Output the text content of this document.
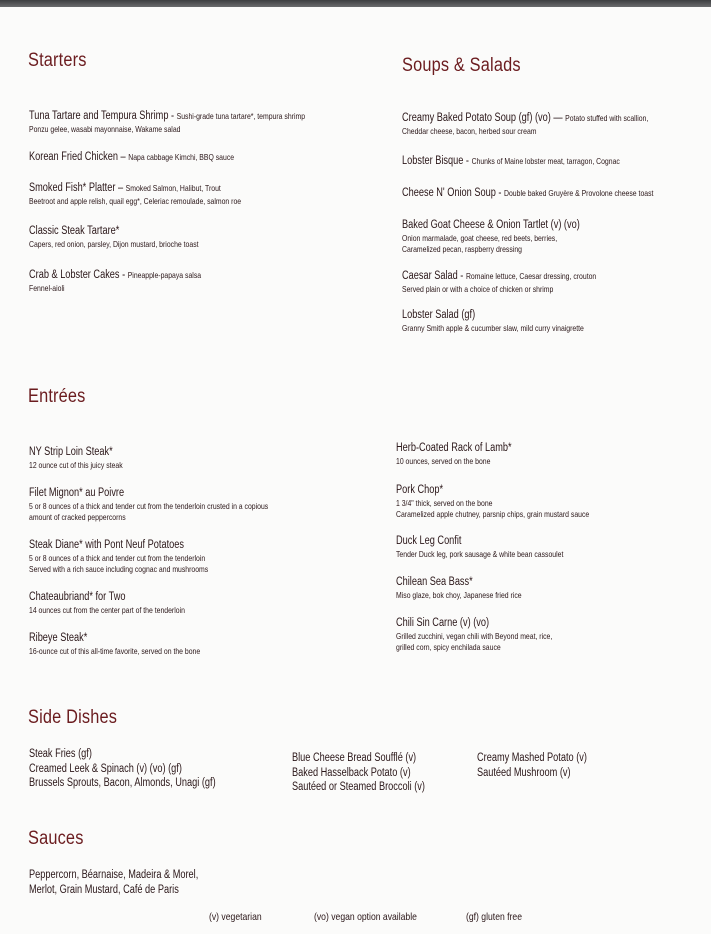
Starters
Tuna Tartare and Tempura Shrimp - Sushi-grade tuna tartare*, tempura shrimp
Ponzu gelee, wasabi mayonnaise, Wakame salad
Korean Fried Chicken – Napa cabbage Kimchi, BBQ sauce
Smoked Fish* Platter – Smoked Salmon, Halibut, Trout
Beetroot and apple relish, quail egg*, Celeriac remoulade, salmon roe
Classic Steak Tartare*
Capers, red onion, parsley, Dijon mustard, brioche toast
Crab & Lobster Cakes - Pineapple-papaya salsa
Fennel-aioli
Soups & Salads
Creamy Baked Potato Soup (gf) (vo) — Potato stuffed with scallion,
Cheddar cheese, bacon, herbed sour cream
Lobster Bisque - Chunks of Maine lobster meat, tarragon, Cognac
Cheese N' Onion Soup - Double baked Gruyère & Provolone cheese toast
Baked Goat Cheese & Onion Tartlet (v) (vo)
Onion marmalade, goat cheese, red beets, berries,
Caramelized pecan, raspberry dressing
Caesar Salad - Romaine lettuce, Caesar dressing, crouton
Served plain or with a choice of chicken or shrimp
Lobster Salad (gf)
Granny Smith apple & cucumber slaw, mild curry vinaigrette
Entrées
NY Strip Loin Steak*
12 ounce cut of this juicy steak
Filet Mignon* au Poivre
5 or 8 ounces of a thick and tender cut from the tenderloin crusted in a copious
amount of cracked peppercorns
Steak Diane* with Pont Neuf Potatoes
5 or 8 ounces of a thick and tender cut from the tenderloin
Served with a rich sauce including cognac and mushrooms
Chateaubriand* for Two
14 ounces cut from the center part of the tenderloin
Ribeye Steak*
16-ounce cut of this all-time favorite, served on the bone
Herb-Coated Rack of Lamb*
10 ounces, served on the bone
Pork Chop*
1 3/4" thick, served on the bone
Caramelized apple chutney, parsnip chips, grain mustard sauce
Duck Leg Confit
Tender Duck leg, pork sausage & white bean cassoulet
Chilean Sea Bass*
Miso glaze, bok choy, Japanese fried rice
Chili Sin Carne (v) (vo)
Grilled zucchini, vegan chili with Beyond meat, rice,
grilled corn, spicy enchilada sauce
Side Dishes
Steak Fries (gf)
Creamed Leek & Spinach (v) (vo) (gf)
Brussels Sprouts, Bacon, Almonds, Unagi (gf)
Blue Cheese Bread Soufflé (v)
Baked Hasselback Potato (v)
Sautéed or Steamed Broccoli (v)
Creamy Mashed Potato (v)
Sautéed Mushroom (v)
Sauces
Peppercorn, Béarnaise, Madeira & Morel,
Merlot, Grain Mustard, Café de Paris
(v) vegetarian	(vo) vegan option available	(gf) gluten free
